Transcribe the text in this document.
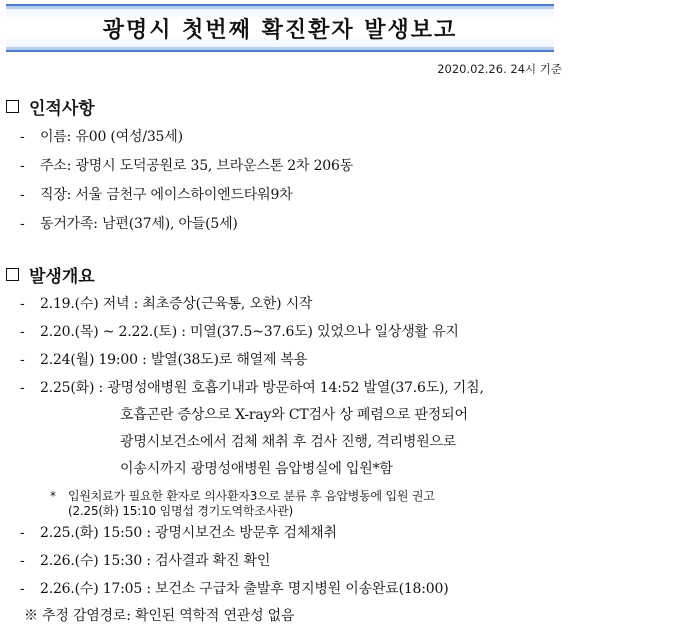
광명시 첫번째 확진환자 발생보고
2020.02.26. 24시 기준
인적사항
- 이름: 유00 (여성/35세)
- 주소: 광명시 도덕공원로 35, 브라운스톤 2차 206동
- 직장: 서울 금천구 에이스하이엔드타워9차
- 동거가족: 남편(37세), 아들(5세)
발생개요
- 2.19.(수) 저녁 : 최초증상(근육통, 오한) 시작
- 2.20.(목) ~ 2.22.(토) : 미열(37.5~37.6도) 있었으나 일상생활 유지
- 2.24(월) 19:00 : 발열(38도)로 해열제 복용
- 2.25(화) : 광명성애병원 호흡기내과 방문하여 14:52 발열(37.6도), 기침,
호흡곤란 증상으로 X-ray와 CT검사 상 폐렴으로 판정되어
광명시보건소에서 검체 채취 후 검사 진행, 격리병원으로
이송시까지 광명성애병원 음압병실에 입원*함
* 입원치료가 필요한 환자로 의사환자3으로 분류 후 음압병동에 입원 권고
(2.25(화) 15:10 임명섭 경기도역학조사관)
- 2.25.(화) 15:50 : 광명시보건소 방문후 검체채취
- 2.26.(수) 15:30 : 검사결과 확진 확인
- 2.26.(수) 17:05 : 보건소 구급차 출발후 명지병원 이송완료(18:00)
※ 추정 감염경로: 확인된 역학적 연관성 없음
